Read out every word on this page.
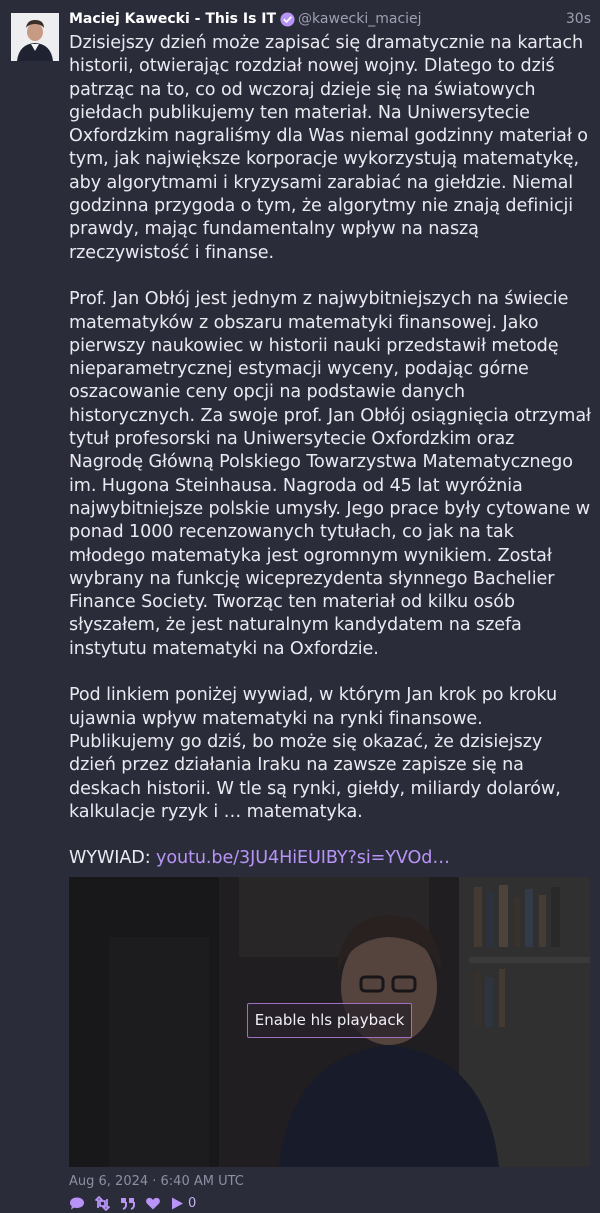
Maciej Kawecki - This Is IT @kawecki_maciej	30s

Dzisiejszy dzień może zapisać się dramatycznie na kartach historii, otwierając rozdział nowej wojny. Dlatego to dziś patrząc na to, co od wczoraj dzieje się na światowych giełdach publikujemy ten materiał. Na Uniwersytecie Oxfordzkim nagraliśmy dla Was niemal godzinny materiał o tym, jak największe korporacje wykorzystują matematykę, aby algorytmami i kryzysami zarabiać na giełdzie. Niemal godzinna przygoda o tym, że algorytmy nie znają definicji prawdy, mając fundamentalny wpływ na naszą rzeczywistość i finanse.

Prof. Jan Obłój jest jednym z najwybitniejszych na świecie matematyków z obszaru matematyki finansowej. Jako pierwszy naukowiec w historii nauki przedstawił metodę nieparametrycznej estymacji wyceny, podając górne oszacowanie ceny opcji na podstawie danych historycznych. Za swoje prof. Jan Obłój osiągnięcia otrzymał tytuł profesorski na Uniwersytecie Oxfordzkim oraz Nagrodę Główną Polskiego Towarzystwa Matematycznego im. Hugona Steinhausa. Nagroda od 45 lat wyróżnia najwybitniejsze polskie umysły. Jego prace były cytowane w ponad 1000 recenzowanych tytułach, co jak na tak młodego matematyka jest ogromnym wynikiem. Został wybrany na funkcję wiceprezydenta słynnego Bachelier Finance Society. Tworząc ten materiał od kilku osób słyszałem, że jest naturalnym kandydatem na szefa instytutu matematyki na Oxfordzie.

Pod linkiem poniżej wywiad, w którym Jan krok po kroku ujawnia wpływ matematyki na rynki finansowe. Publikujemy go dziś, bo może się okazać, że dzisiejszy dzień przez działania Iraku na zawsze zapisze się na deskach historii. W tle są rynki, giełdy, miliardy dolarów, kalkulacje ryzyk i … matematyka.

WYWIAD: youtu.be/3JU4HiEUIBY?si=YVOd…

Enable hls playback
Aug 6, 2024 · 6:40 AM UTC
0
